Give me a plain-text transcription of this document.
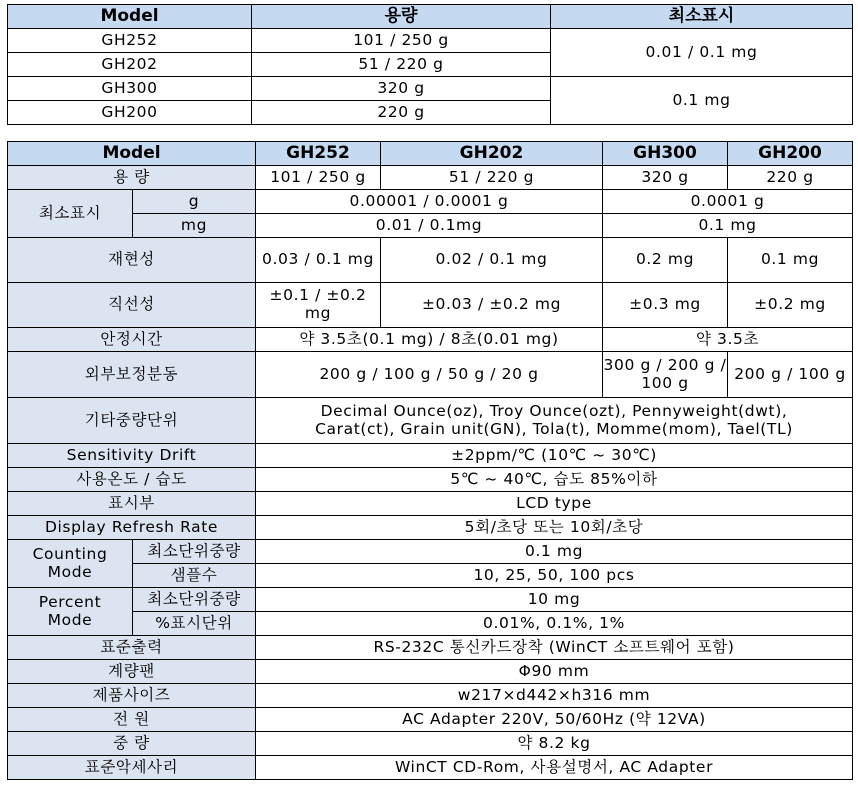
Model	용량	최소표시
GH252	101 / 250 g	0.01 / 0.1 mg
GH202	51 / 220 g	
GH300	320 g	0.1 mg
GH200	220 g	
Model		GH252	GH202	GH300	GH200
용 량		101 / 250 g	51 / 220 g	320 g	220 g
최소표시	g	0.00001 / 0.0001 g		0.0001 g	
	mg	0.01 / 0.1mg		0.1 mg	
재현성		0.03 / 0.1 mg	0.02 / 0.1 mg	0.2 mg	0.1 mg
직선성		±0.1 / ±0.2 mg	±0.03 / ±0.2 mg	±0.3 mg	±0.2 mg
안정시간		약 3.5초(0.1 mg) / 8초(0.01 mg)		약 3.5초	
외부보정분동		200 g / 100 g / 50 g / 20 g		300 g / 200 g / 100 g	200 g / 100 g
기타중량단위		Decimal Ounce(oz), Troy Ounce(ozt), Pennyweight(dwt), Carat(ct), Grain unit(GN), Tola(t), Momme(mom), Tael(TL)			
Sensitivity Drift		±2ppm/℃ (10℃ ~ 30℃)			
사용온도 / 습도		5℃ ~ 40℃, 습도 85%이하			
표시부		LCD type			
Display Refresh Rate		5회/초당 또는 10회/초당			
Counting Mode	최소단위중량	0.1 mg			
	샘플수	10, 25, 50, 100 pcs			
Percent Mode	최소단위중량	10 mg			
	%표시단위	0.01%, 0.1%, 1%			
표준출력		RS-232C 통신카드장착 (WinCT 소프트웨어 포함)			
계량팬		Φ90 mm			
제품사이즈		w217×d442×h316 mm			
전 원		AC Adapter 220V, 50/60Hz (약 12VA)			
중 량		약 8.2 kg			
표준악세사리		WinCT CD-Rom, 사용설명서, AC Adapter			
